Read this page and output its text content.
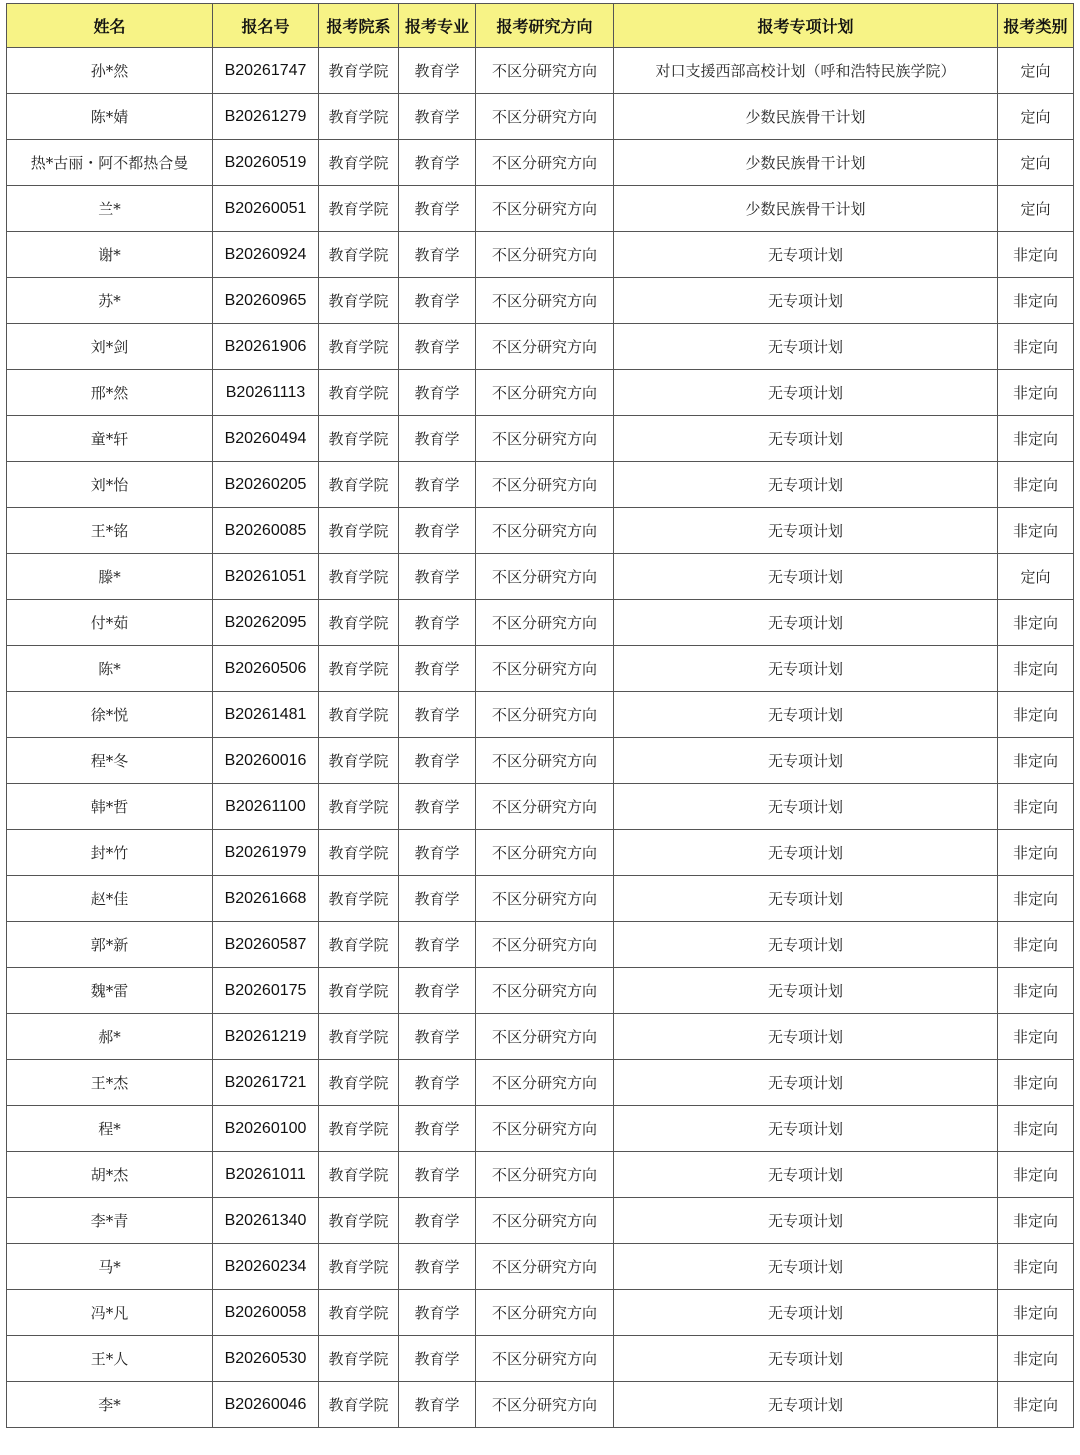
姓名	报名号	报考院系	报考专业	报考研究方向	报考专项计划	报考类别
孙*然	B20261747	教育学院	教育学	不区分研究方向	对口支援西部高校计划（呼和浩特民族学院）	定向
陈*婧	B20261279	教育学院	教育学	不区分研究方向	少数民族骨干计划	定向
热*古丽・阿不都热合曼	B20260519	教育学院	教育学	不区分研究方向	少数民族骨干计划	定向
兰*	B20260051	教育学院	教育学	不区分研究方向	少数民族骨干计划	定向
谢*	B20260924	教育学院	教育学	不区分研究方向	无专项计划	非定向
苏*	B20260965	教育学院	教育学	不区分研究方向	无专项计划	非定向
刘*剑	B20261906	教育学院	教育学	不区分研究方向	无专项计划	非定向
邢*然	B20261113	教育学院	教育学	不区分研究方向	无专项计划	非定向
童*轩	B20260494	教育学院	教育学	不区分研究方向	无专项计划	非定向
刘*怡	B20260205	教育学院	教育学	不区分研究方向	无专项计划	非定向
王*铭	B20260085	教育学院	教育学	不区分研究方向	无专项计划	非定向
滕*	B20261051	教育学院	教育学	不区分研究方向	无专项计划	定向
付*茹	B20262095	教育学院	教育学	不区分研究方向	无专项计划	非定向
陈*	B20260506	教育学院	教育学	不区分研究方向	无专项计划	非定向
徐*悦	B20261481	教育学院	教育学	不区分研究方向	无专项计划	非定向
程*冬	B20260016	教育学院	教育学	不区分研究方向	无专项计划	非定向
韩*哲	B20261100	教育学院	教育学	不区分研究方向	无专项计划	非定向
封*竹	B20261979	教育学院	教育学	不区分研究方向	无专项计划	非定向
赵*佳	B20261668	教育学院	教育学	不区分研究方向	无专项计划	非定向
郭*新	B20260587	教育学院	教育学	不区分研究方向	无专项计划	非定向
魏*雷	B20260175	教育学院	教育学	不区分研究方向	无专项计划	非定向
郝*	B20261219	教育学院	教育学	不区分研究方向	无专项计划	非定向
王*杰	B20261721	教育学院	教育学	不区分研究方向	无专项计划	非定向
程*	B20260100	教育学院	教育学	不区分研究方向	无专项计划	非定向
胡*杰	B20261011	教育学院	教育学	不区分研究方向	无专项计划	非定向
李*青	B20261340	教育学院	教育学	不区分研究方向	无专项计划	非定向
马*	B20260234	教育学院	教育学	不区分研究方向	无专项计划	非定向
冯*凡	B20260058	教育学院	教育学	不区分研究方向	无专项计划	非定向
王*人	B20260530	教育学院	教育学	不区分研究方向	无专项计划	非定向
李*	B20260046	教育学院	教育学	不区分研究方向	无专项计划	非定向
